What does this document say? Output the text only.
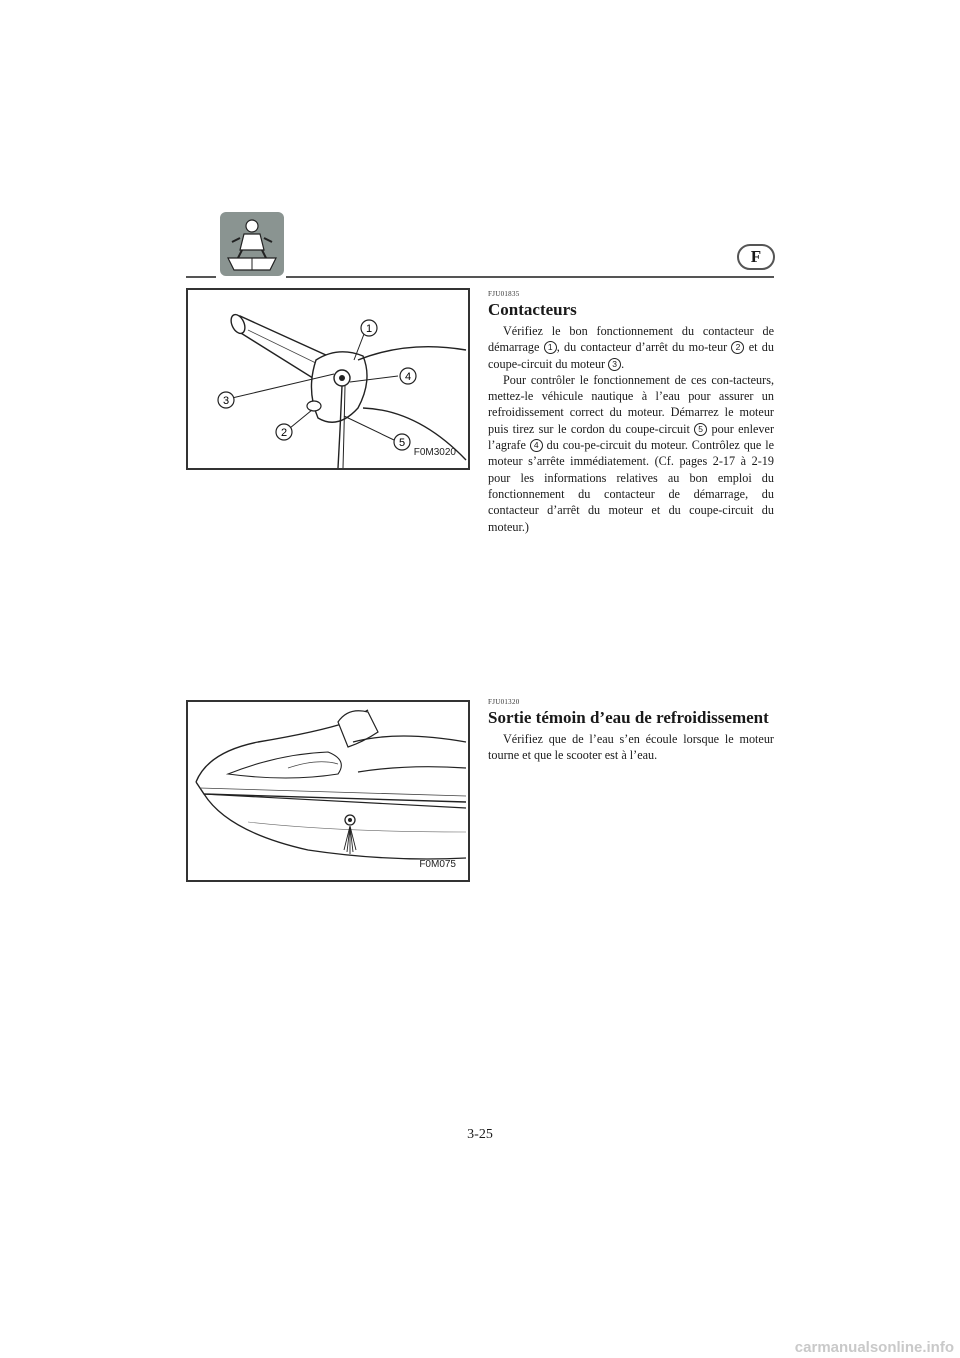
F
1
4
3
2
5
F0M3020
FJU01835
Contacteurs

Vérifiez le bon fonctionnement du contacteur de démarrage 1 , du contacteur d’arrêt du mo-teur 2 et du coupe-circuit du moteur 3 .

Pour contrôler le fonctionnement de ces con-tacteurs, mettez-le véhicule nautique à l’eau pour assurer un refroidissement correct du moteur. Démarrez le moteur puis tirez sur le cordon du coupe-circuit 5 pour enlever l’agrafe 4 du cou-pe-circuit du moteur. Contrôlez que le moteur s’arrête immédiatement. (Cf. pages 2-17 à 2-19 pour les informations relatives au bon emploi du fonctionnement du contacteur de démarrage, du contacteur d’arrêt du moteur et du coupe-circuit du moteur.)

F0M075
FJU01320
Sortie témoin d’eau de refroidissement

Vérifiez que de l’eau s’en écoule lorsque le moteur tourne et que le scooter est à l’eau.

3-25
carmanualsonline.info
